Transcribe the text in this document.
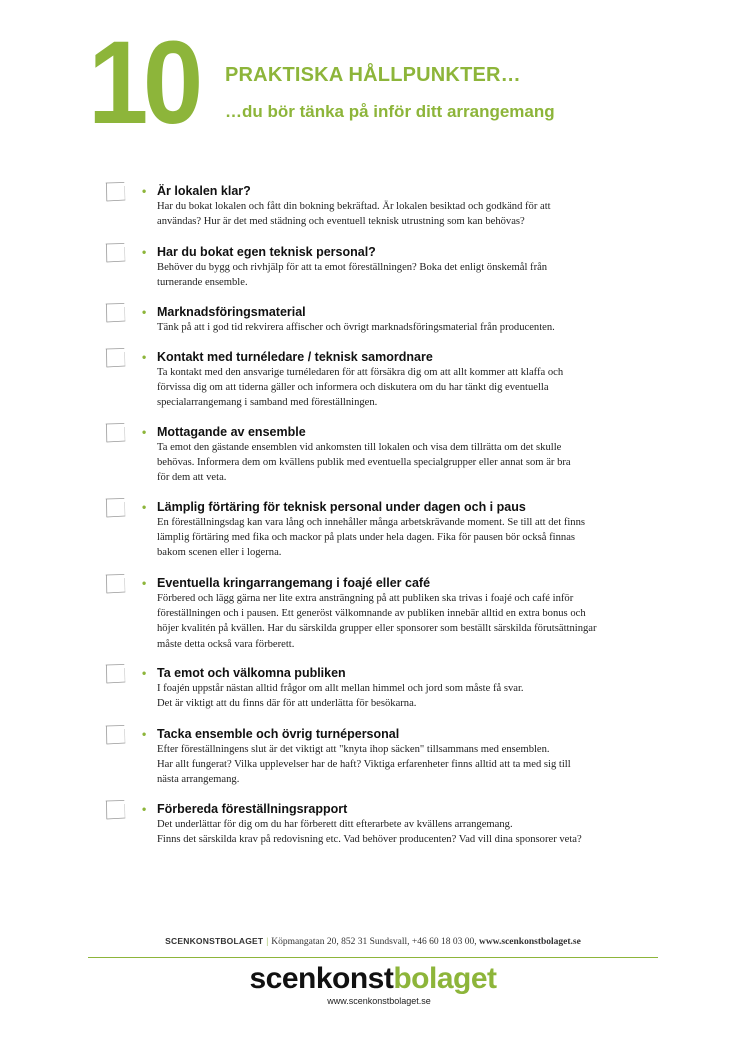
10 PRAKTISKA HÅLLPUNKTER…
…du bör tänka på inför ditt arrangemang
• Är lokalen klar?
Har du bokat lokalen och fått din bokning bekräftad. Är lokalen besiktad och godkänd för att
användas? Hur är det med städning och eventuell teknisk utrustning som kan behövas?
• Har du bokat egen teknisk personal?
Behöver du bygg och rivhjälp för att ta emot föreställningen? Boka det enligt önskemål från
turnerande ensemble.
• Marknadsföringsmaterial
Tänk på att i god tid rekvirera affischer och övrigt marknadsföringsmaterial från producenten.
• Kontakt med turnéledare / teknisk samordnare
Ta kontakt med den ansvarige turnéledaren för att försäkra dig om att allt kommer att klaffa och
förvissa dig om att tiderna gäller och informera och diskutera om du har tänkt dig eventuella
specialarrangemang i samband med föreställningen.
• Mottagande av ensemble
Ta emot den gästande ensemblen vid ankomsten till lokalen och visa dem tillrätta om det skulle
behövas. Informera dem om kvällens publik med eventuella specialgrupper eller annat som är bra
för dem att veta.
• Lämplig förtäring för teknisk personal under dagen och i paus
En föreställningsdag kan vara lång och innehåller många arbetskrävande moment. Se till att det finns
lämplig förtäring med fika och mackor på plats under hela dagen. Fika för pausen bör också finnas
bakom scenen eller i logerna.
• Eventuella kringarrangemang i foajé eller café
Förbered och lägg gärna ner lite extra ansträngning på att publiken ska trivas i foajé och café inför
föreställningen och i pausen. Ett generöst välkomnande av publiken innebär alltid en extra bonus och
höjer kvalitén på kvällen. Har du särskilda grupper eller sponsorer som beställt särskilda förutsättningar
måste detta också vara förberett.
• Ta emot och välkomna publiken
I foajén uppstår nästan alltid frågor om allt mellan himmel och jord som måste få svar.
Det är viktigt att du finns där för att underlätta för besökarna.
• Tacka ensemble och övrig turnépersonal
Efter föreställningens slut är det viktigt att "knyta ihop säcken" tillsammans med ensemblen.
Har allt fungerat? Vilka upplevelser har de haft? Viktiga erfarenheter finns alltid att ta med sig till
nästa arrangemang.
• Förbereda föreställningsrapport
Det underlättar för dig om du har förberett ditt efterarbete av kvällens arrangemang.
Finns det särskilda krav på redovisning etc. Vad behöver producenten? Vad vill dina sponsorer veta?
SCENKONSTBOLAGET | Köpmangatan 20, 852 31 Sundsvall, +46 60 18 03 00, www.scenkonstbolaget.se
scenkonstbolaget
www.scenkonstbolaget.se
